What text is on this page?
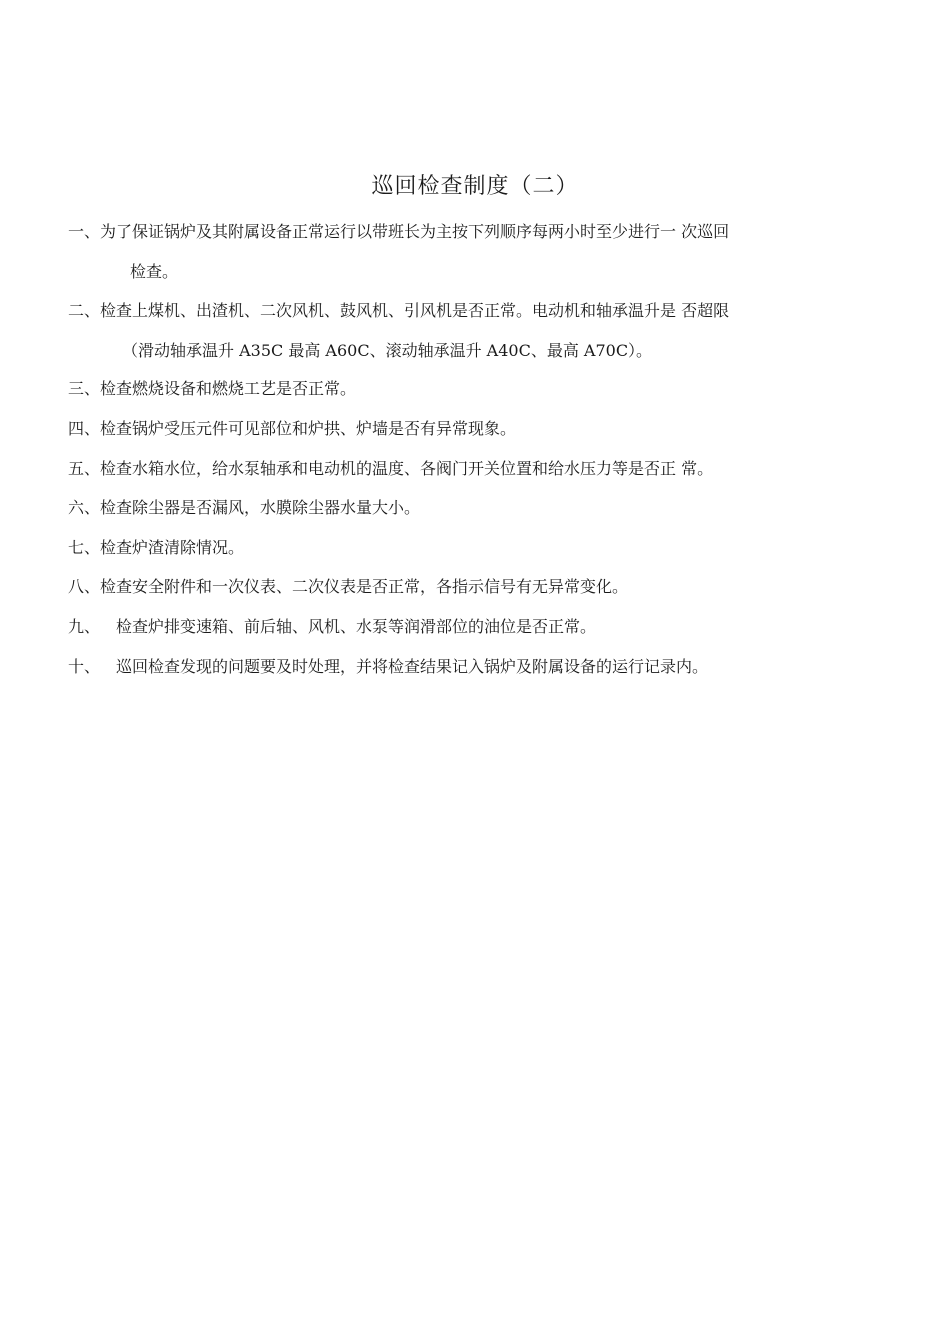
巡回检查制度（二）
一、为了保证锅炉及其附属设备正常运行以带班长为主按下列顺序每两小时至少进行一 次巡回
检查。
二、检查上煤机、出渣机、二次风机、鼓风机、引风机是否正常。电动机和轴承温升是 否超限
（滑动轴承温升 A35C 最高 A60C、滚动轴承温升 A40C、最高 A70C）。
三、检查燃烧设备和燃烧工艺是否正常。
四、检查锅炉受压元件可见部位和炉拱、炉墙是否有异常现象。
五、检查水箱水位，给水泵轴承和电动机的温度、各阀门开关位置和给水压力等是否正 常。
六、检查除尘器是否漏风，水膜除尘器水量大小。
七、检查炉渣清除情况。
八、检查安全附件和一次仪表、二次仪表是否正常，各指示信号有无异常变化。
九、 检查炉排变速箱、前后轴、风机、水泵等润滑部位的油位是否正常。
十、 巡回检查发现的问题要及时处理，并将检查结果记入锅炉及附属设备的运行记录内。
